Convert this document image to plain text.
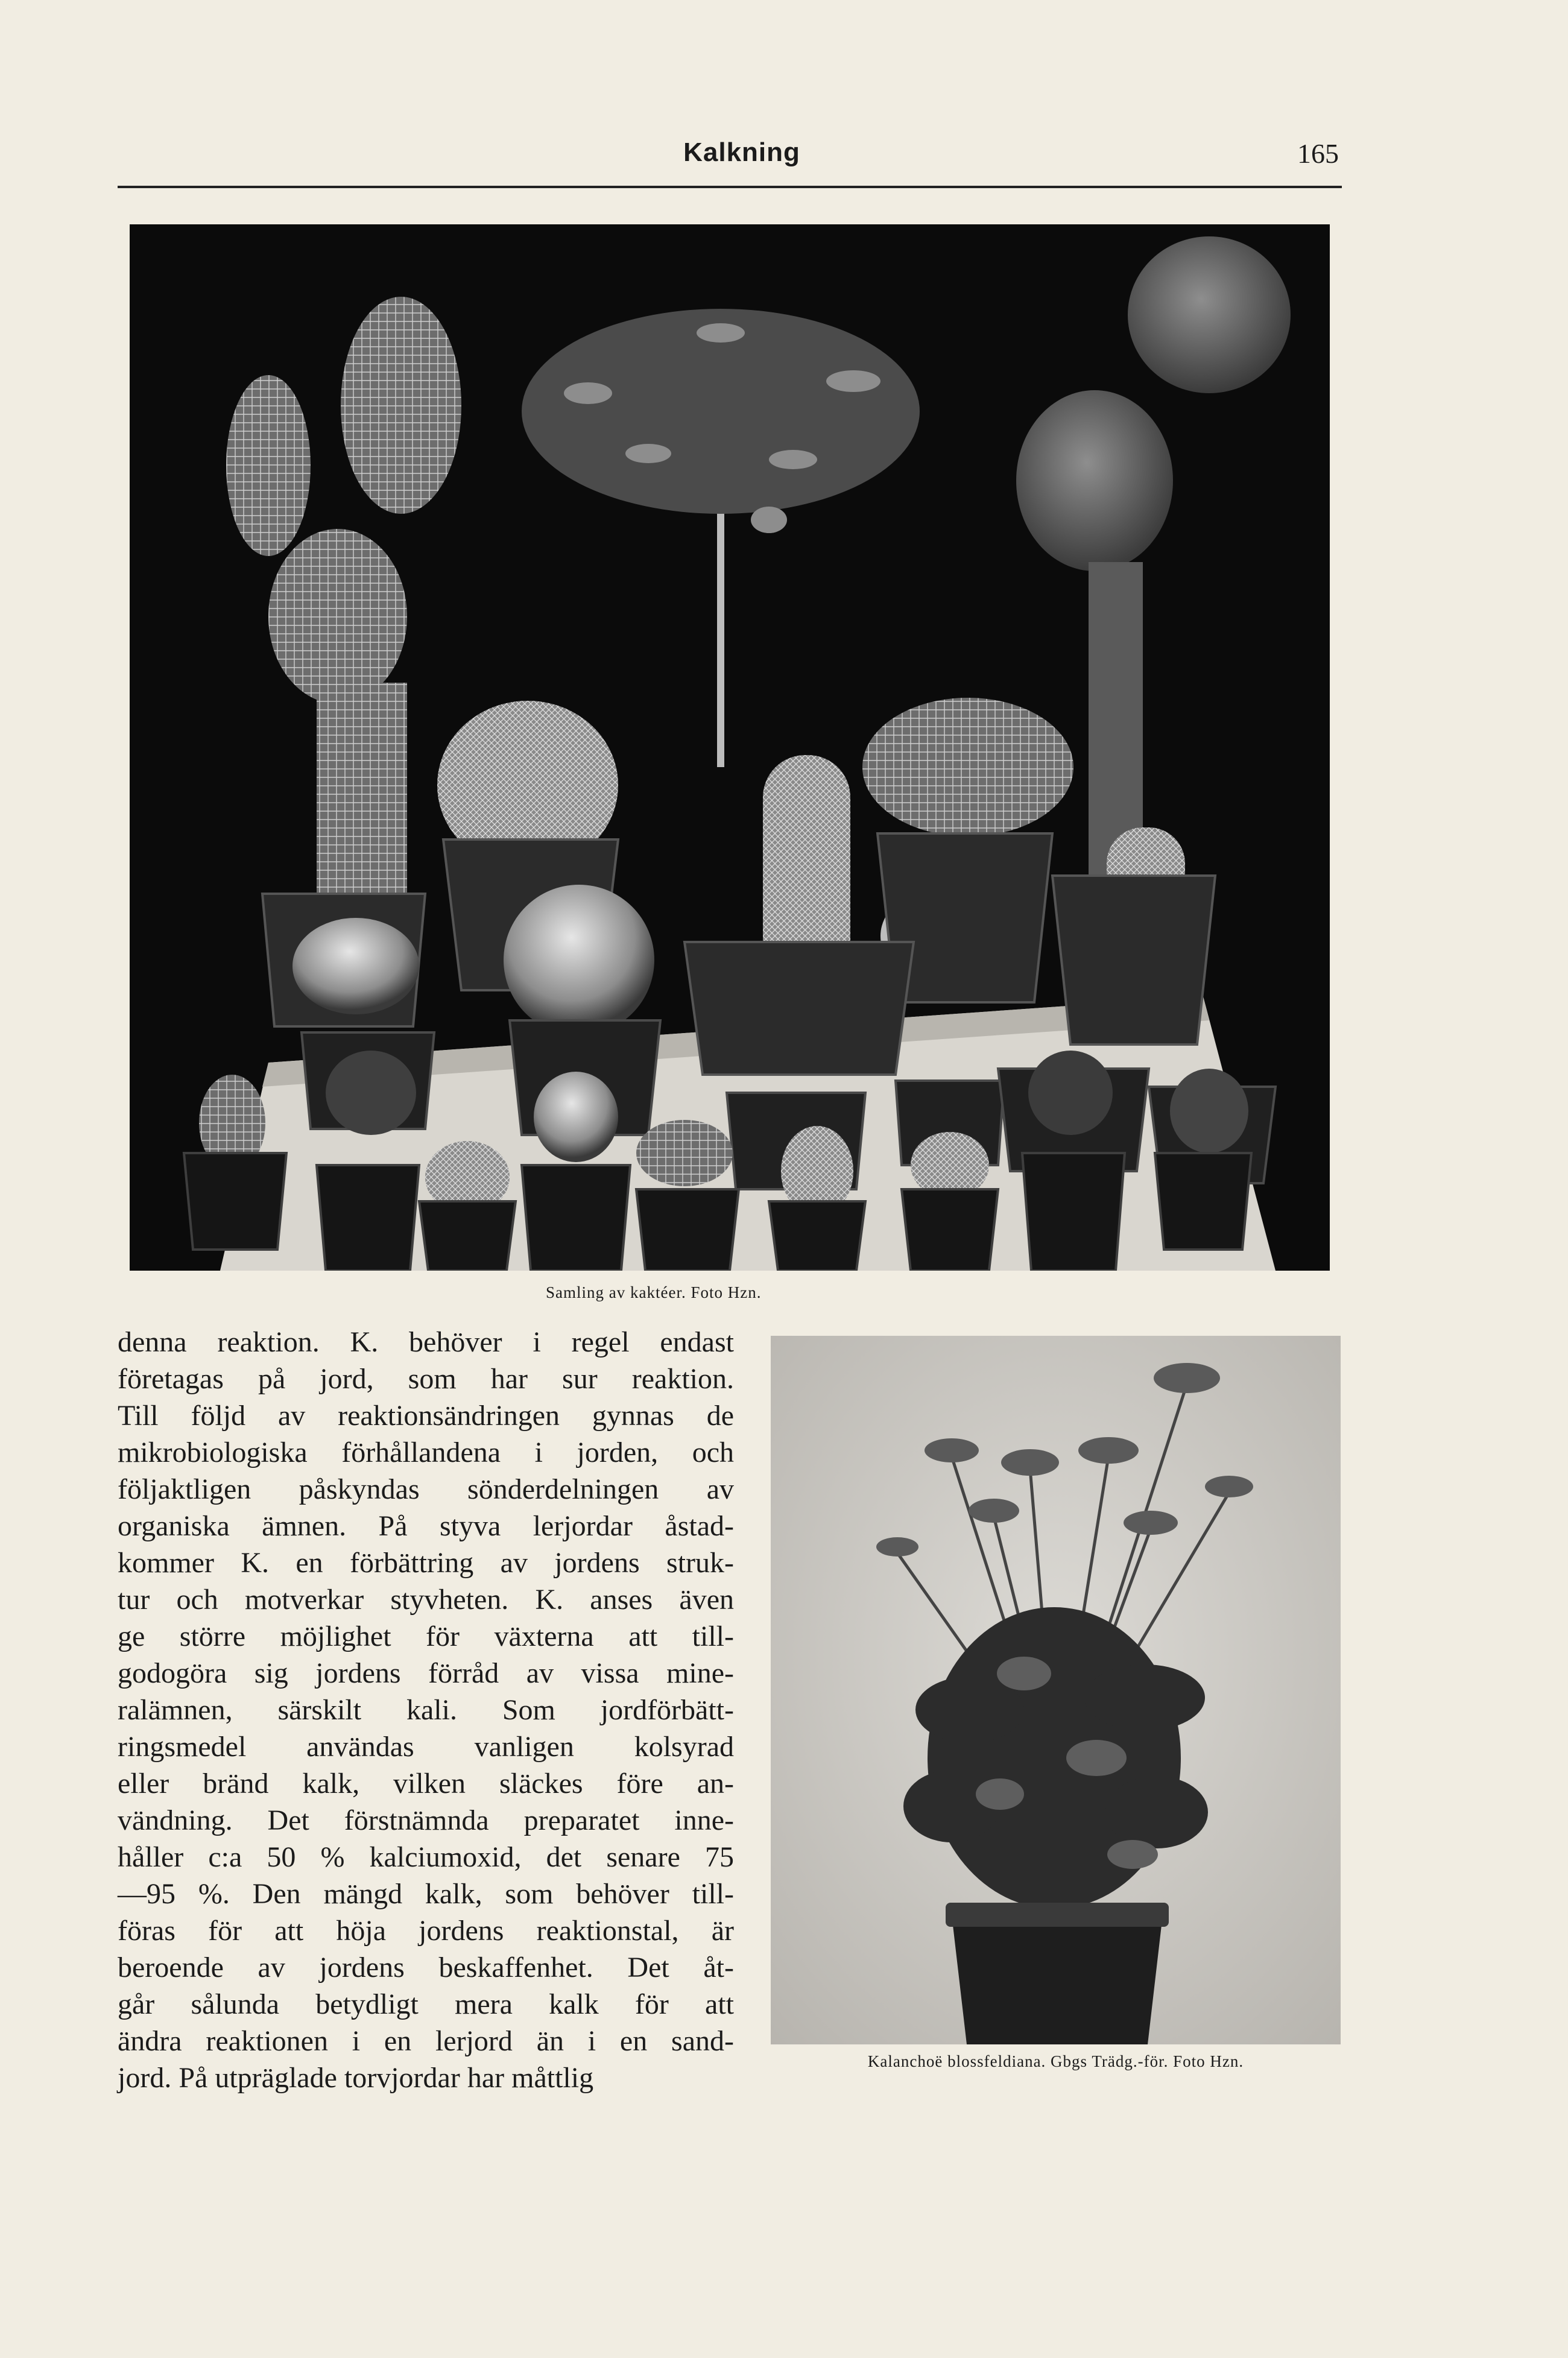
Kalkning	165
Samling av kaktéer. Foto Hzn.
denna reaktion. K. behöver i regel endast
företagas på jord, som har sur reaktion.
Till följd av reaktionsändringen gynnas de
mikrobiologiska förhållandena i jorden, och
följaktligen påskyndas sönderdelningen av
organiska ämnen. På styva lerjordar åstad-
kommer K. en förbättring av jordens struk-
tur och motverkar styvheten. K. anses även
ge större möjlighet för växterna att till-
godogöra sig jordens förråd av vissa mine-
ralämnen, särskilt kali. Som jordförbätt-
ringsmedel användas vanligen kolsyrad
eller bränd kalk, vilken släckes före an-
vändning. Det förstnämnda preparatet inne-
håller c:a 50 % kalciumoxid, det senare 75
—95 %. Den mängd kalk, som behöver till-
föras för att höja jordens reaktionstal, är
beroende av jordens beskaffenhet. Det åt-
går sålunda betydligt mera kalk för att
ändra reaktionen i en lerjord än i en sand-
jord. På utpräglade torvjordar har måttlig
Kalanchoë blossfeldiana. Gbgs Trädg.-för. Foto Hzn.
